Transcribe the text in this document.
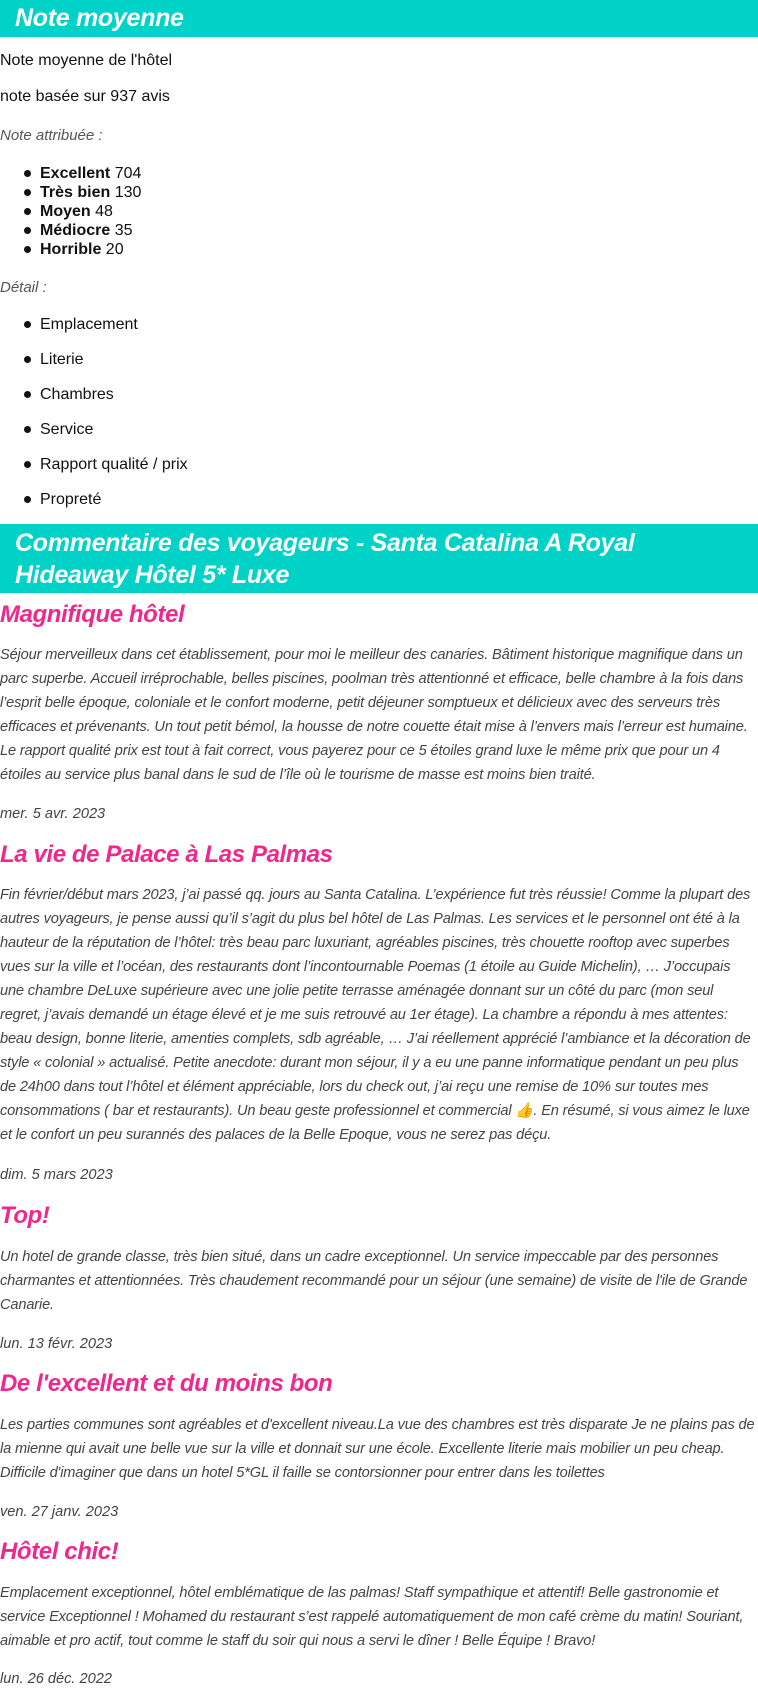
Note moyenne

Note moyenne de l'hôtel

note basée sur 937 avis

Note attribuée :
Excellent 704
Très bien 130
Moyen 48
Médiocre 35
Horrible 20
Détail :
Emplacement
Literie
Chambres
Service
Rapport qualité / prix
Propreté
Commentaire des voyageurs - Santa Catalina A Royal Hideaway Hôtel 5* Luxe
Magnifique hôtel

Séjour merveilleux dans cet établissement, pour moi le meilleur des canaries. Bâtiment historique magnifique dans un parc superbe. Accueil irréprochable, belles piscines, poolman très attentionné et efficace, belle chambre à la fois dans l’esprit belle époque, coloniale et le confort moderne, petit déjeuner somptueux et délicieux avec des serveurs très efficaces et prévenants. Un tout petit bémol, la housse de notre couette était mise à l’envers mais l’erreur est humaine. Le rapport qualité prix est tout à fait correct, vous payerez pour ce 5 étoiles grand luxe le même prix que pour un 4 étoiles au service plus banal dans le sud de l’île où le tourisme de masse est moins bien traité.

mer. 5 avr. 2023

La vie de Palace à Las Palmas

Fin février/début mars 2023, j’ai passé qq. jours au Santa Catalina. L’expérience fut très réussie! Comme la plupart des autres voyageurs, je pense aussi qu’il s’agit du plus bel hôtel de Las Palmas. Les services et le personnel ont été à la hauteur de la réputation de l’hôtel: très beau parc luxuriant, agréables piscines, très chouette rooftop avec superbes vues sur la ville et l’océan, des restaurants dont l’incontournable Poemas (1 étoile au Guide Michelin), … J’occupais une chambre DeLuxe supérieure avec une jolie petite terrasse aménagée donnant sur un côté du parc (mon seul regret, j’avais demandé un étage élevé et je me suis retrouvé au 1er étage). La chambre a répondu à mes attentes: beau design, bonne literie, amenties complets, sdb agréable, … J’ai réellement apprécié l’ambiance et la décoration de style « colonial » actualisé. Petite anecdote: durant mon séjour, il y a eu une panne informatique pendant un peu plus de 24h00 dans tout l’hôtel et élément appréciable, lors du check out, j’ai reçu une remise de 10% sur toutes mes consommations ( bar et restaurants). Un beau geste professionnel et commercial 👍. En résumé, si vous aimez le luxe et le confort un peu surannés des palaces de la Belle Epoque, vous ne serez pas déçu.

dim. 5 mars 2023

Top!

Un hotel de grande classe, très bien situé, dans un cadre exceptionnel. Un service impeccable par des personnes charmantes et attentionnées. Très chaudement recommandé pour un séjour (une semaine) de visite de l'ile de Grande Canarie.

lun. 13 févr. 2023

De l'excellent et du moins bon

Les parties communes sont agréables et d'excellent niveau.La vue des chambres est très disparate Je ne plains pas de la mienne qui avait une belle vue sur la ville et donnait sur une école. Excellente literie mais mobilier un peu cheap. Difficile d'imaginer que dans un hotel 5*GL il faille se contorsionner pour entrer dans les toilettes

ven. 27 janv. 2023

Hôtel chic!

Emplacement exceptionnel, hôtel emblématique de las palmas! Staff sympathique et attentif! Belle gastronomie et service Exceptionnel ! Mohamed du restaurant s’est rappelé automatiquement de mon café crème du matin! Souriant, aimable et pro actif, tout comme le staff du soir qui nous a servi le dîner ! Belle Équipe ! Bravo!

lun. 26 déc. 2022
